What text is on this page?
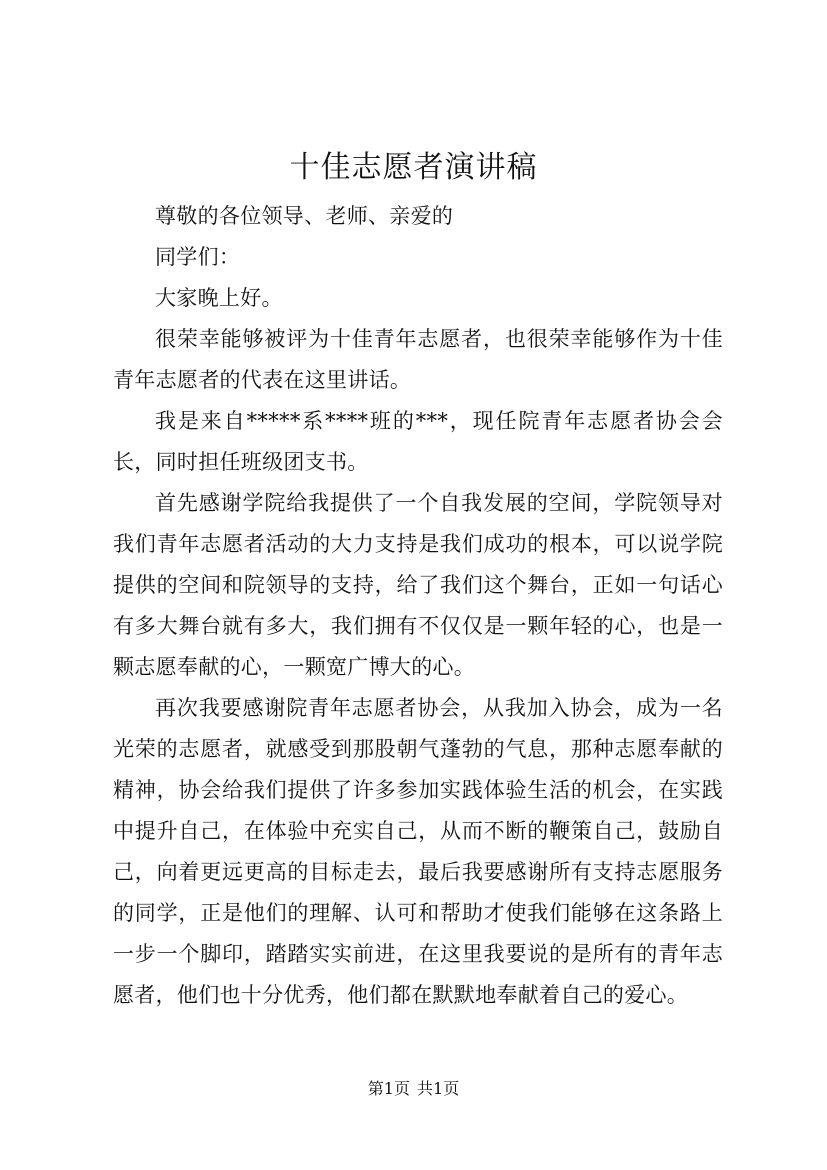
十佳志愿者演讲稿

尊敬的各位领导、老师、亲爱的

同学们：

大家晚上好。

很荣幸能够被评为十佳青年志愿者，也很荣幸能够作为十佳青年志愿者的代表在这里讲话。

我是来自*****系****班的***，现任院青年志愿者协会会长，同时担任班级团支书。

首先感谢学院给我提供了一个自我发展的空间，学院领导对我们青年志愿者活动的大力支持是我们成功的根本，可以说学院提供的空间和院领导的支持，给了我们这个舞台，正如一句话心有多大舞台就有多大，我们拥有不仅仅是一颗年轻的心，也是一颗志愿奉献的心，一颗宽广博大的心。

再次我要感谢院青年志愿者协会，从我加入协会，成为一名光荣的志愿者，就感受到那股朝气蓬勃的气息，那种志愿奉献的精神，协会给我们提供了许多参加实践体验生活的机会，在实践中提升自己，在体验中充实自己，从而不断的鞭策自己，鼓励自己，向着更远更高的目标走去，最后我要感谢所有支持志愿服务的同学，正是他们的理解、认可和帮助才使我们能够在这条路上一步一个脚印，踏踏实实前进，在这里我要说的是所有的青年志愿者，他们也十分优秀，他们都在默默地奉献着自己的爱心。

第1页 共1页
